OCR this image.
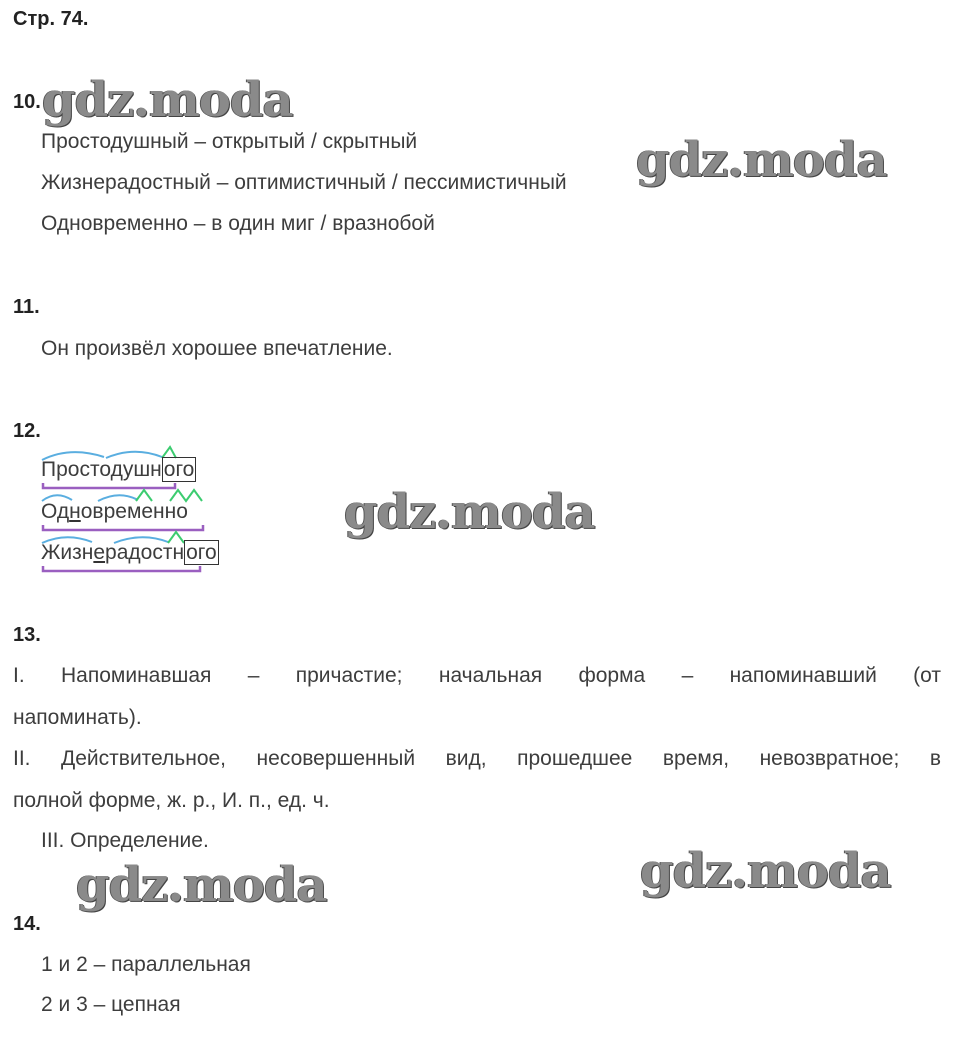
Стр. 74.
gdz.moda
gdz.moda
gdz.moda
gdz.moda
gdz.moda
10.
Простодушный – открытый / скрытный
Жизнерадостный – оптимистичный / пессимистичный
Одновременно – в один миг / вразнобой
11.
Он произвёл хорошее впечатление.
12.
Простодушного
Одновременно
Жизнерадостного
13.
I. Напоминавшая – причастие; начальная форма – напоминавший (от
напоминать).
II. Действительное, несовершенный вид, прошедшее время, невозвратное; в
полной форме, ж. р., И. п., ед. ч.
III. Определение.
14.
1 и 2 – параллельная
2 и 3 – цепная
